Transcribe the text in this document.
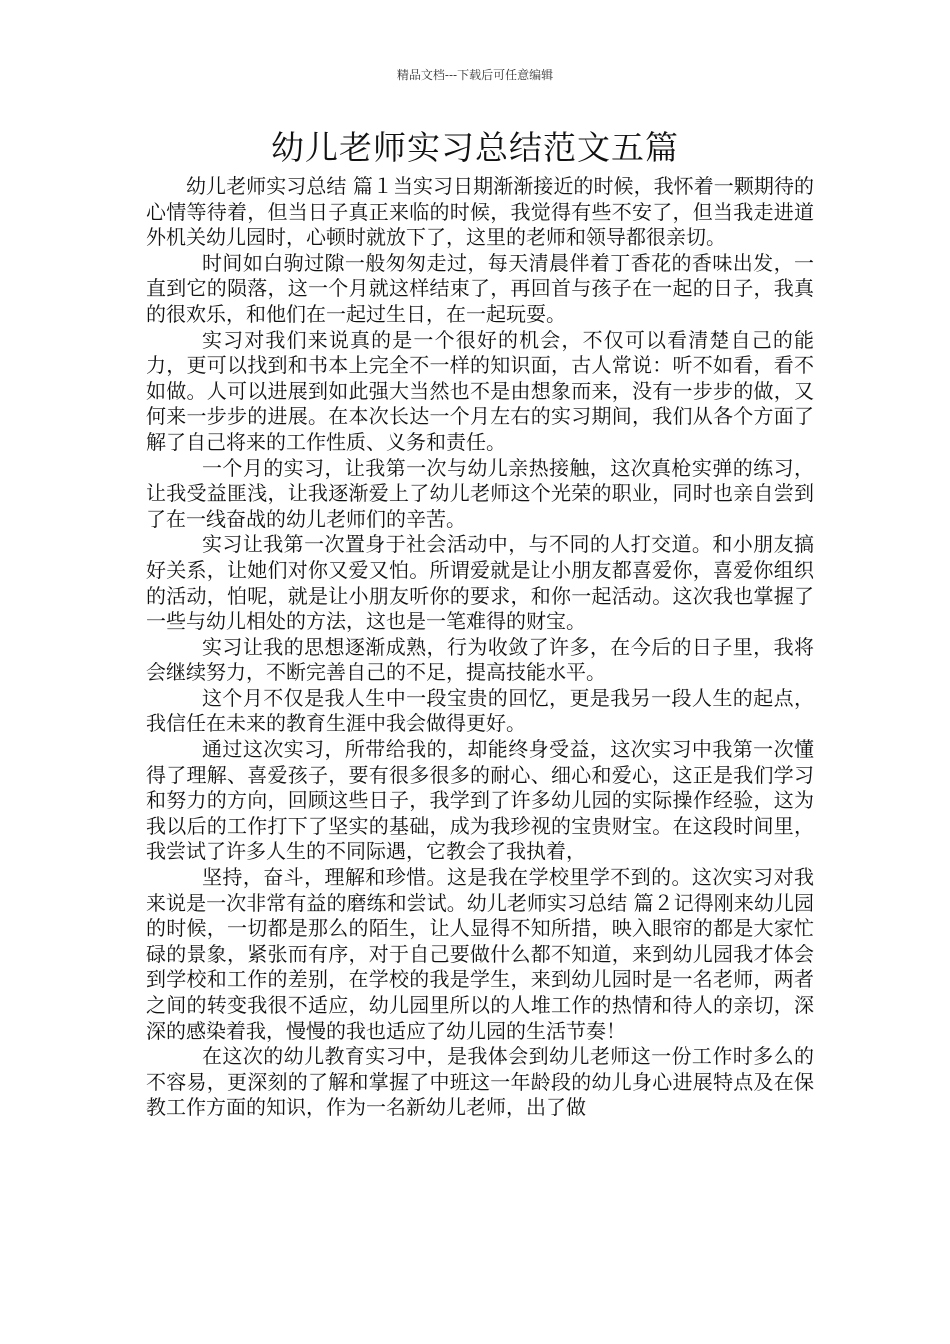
精品文档---下载后可任意编辑
幼儿老师实习总结范文五篇

幼儿老师实习总结 篇１当实习日期渐渐接近的时候，我怀着一颗期待的心情等待着，但当日子真正来临的时候，我觉得有些不安了，但当我走进道外机关幼儿园时，心顿时就放下了，这里的老师和领导都很亲切。

时间如白驹过隙一般匆匆走过，每天清晨伴着丁香花的香味出发，一直到它的陨落，这一个月就这样结束了，再回首与孩子在一起的日子，我真的很欢乐，和他们在一起过生日，在一起玩耍。

实习对我们来说真的是一个很好的机会，不仅可以看清楚自己的能力，更可以找到和书本上完全不一样的知识面，古人常说：听不如看，看不如做。人可以进展到如此强大当然也不是由想象而来，没有一步步的做，又何来一步步的进展。在本次长达一个月左右的实习期间，我们从各个方面了解了自己将来的工作性质、义务和责任。

一个月的实习，让我第一次与幼儿亲热接触，这次真枪实弹的练习，让我受益匪浅，让我逐渐爱上了幼儿老师这个光荣的职业，同时也亲自尝到了在一线奋战的幼儿老师们的辛苦。

实习让我第一次置身于社会活动中，与不同的人打交道。和小朋友搞好关系，让她们对你又爱又怕。所谓爱就是让小朋友都喜爱你，喜爱你组织的活动，怕呢，就是让小朋友听你的要求，和你一起活动。这次我也掌握了一些与幼儿相处的方法，这也是一笔难得的财宝。

实习让我的思想逐渐成熟，行为收敛了许多，在今后的日子里，我将会继续努力，不断完善自己的不足，提高技能水平。

这个月不仅是我人生中一段宝贵的回忆，更是我另一段人生的起点，我信任在未来的教育生涯中我会做得更好。

通过这次实习，所带给我的，却能终身受益，这次实习中我第一次懂得了理解、喜爱孩子，要有很多很多的耐心、细心和爱心，这正是我们学习和努力的方向，回顾这些日子，我学到了许多幼儿园的实际操作经验，这为我以后的工作打下了坚实的基础，成为我珍视的宝贵财宝。在这段时间里，我尝试了许多人生的不同际遇，它教会了我执着，

坚持，奋斗，理解和珍惜。这是我在学校里学不到的。这次实习对我来说是一次非常有益的磨练和尝试。幼儿老师实习总结 篇２记得刚来幼儿园的时候，一切都是那么的陌生，让人显得不知所措，映入眼帘的都是大家忙碌的景象，紧张而有序，对于自己要做什么都不知道，来到幼儿园我才体会到学校和工作的差别，在学校的我是学生，来到幼儿园时是一名老师，两者之间的转变我很不适应，幼儿园里所以的人堆工作的热情和待人的亲切，深深的感染着我，慢慢的我也适应了幼儿园的生活节奏！

在这次的幼儿教育实习中，是我体会到幼儿老师这一份工作时多么的不容易，更深刻的了解和掌握了中班这一年龄段的幼儿身心进展特点及在保教工作方面的知识，作为一名新幼儿老师，出了做
